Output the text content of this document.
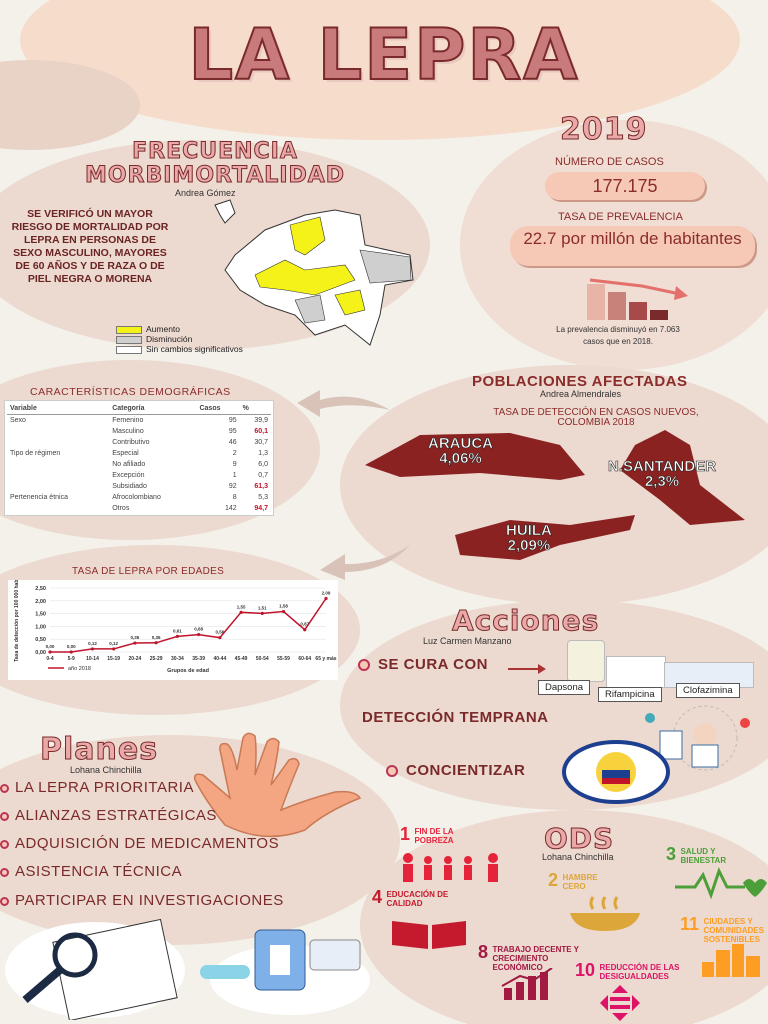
LA LEPRA
FRECUENCIA
MORBIMORTALIDAD
Andrea Gómez
SE VERIFICÓ UN MAYOR RIESGO DE MORTALIDAD POR LEPRA EN PERSONAS DE SEXO MASCULINO, MAYORES DE 60 AÑOS Y DE RAZA O DE PIEL NEGRA O MORENA
Aumento
Disminución
Sin cambios significativos
2019
NÚMERO DE CASOS
177.175
TASA DE PREVALENCIA
22.7 por millón de habitantes
La prevalencia disminuyó en 7.063 casos que en 2018.
CARACTERÍSTICAS DEMOGRÁFICAS
Variable	Categoría	Casos	%
Sexo	Femenino	95	39,9
	Masculino	95	60,1
	Contributivo	46	30,7
Tipo de régimen	Especial	2	1,3
	No afiliado	9	6,0
	Excepción	1	0,7
	Subsidiado	92	61,3
Pertenencia étnica	Afrocolombiano	8	5,3
	Otros	142	94,7
POBLACIONES AFECTADAS
Andrea Almendrales
TASA DE DETECCIÓN EN CASOS NUEVOS, COLOMBIA 2018
ARAUCA
4,06%	N.SANTANDER
2,3%
HUILA
2,09%
TASA DE LEPRA POR EDADES
0,00
0,50
1,00
1,50
2,00
2,50
0,00
0-4
0,00
5-9
0,12
10-14
0,12
15-19
0,35
20-24
0,36
25-29
0,61
30-34
0,68
35-39
0,56
40-44
1,55
45-49
1,51
50-54
1,58
55-59
0,87
60-64
2,09
65 y más
Grupos de edad
Tasa de detección por 100 000 hab.
año 2018
Acciones
Luz Carmen Manzano
SE CURA CON
Dapsona
Rifampicina	Clofazimina
DETECCIÓN TEMPRANA
CONCIENTIZAR
Planes
Lohana Chinchilla
LA LEPRA PRIORITARIA
ALIANZAS ESTRATÉGICAS
ADQUISICIÓN DE MEDICAMENTOS
ASISTENCIA TÉCNICA
PARTICIPAR EN INVESTIGACIONES
ODS
Lohana Chinchilla
1 FIN DE LA POBREZA
2 HAMBRE CERO
3 SALUD Y BIENESTAR
4 EDUCACIÓN DE CALIDAD
11 CIUDADES Y COMUNIDADES SOSTENIBLES
8 TRABAJO DECENTE Y CRECIMIENTO ECONÓMICO	10 REDUCCIÓN DE LAS DESIGUALDADES
